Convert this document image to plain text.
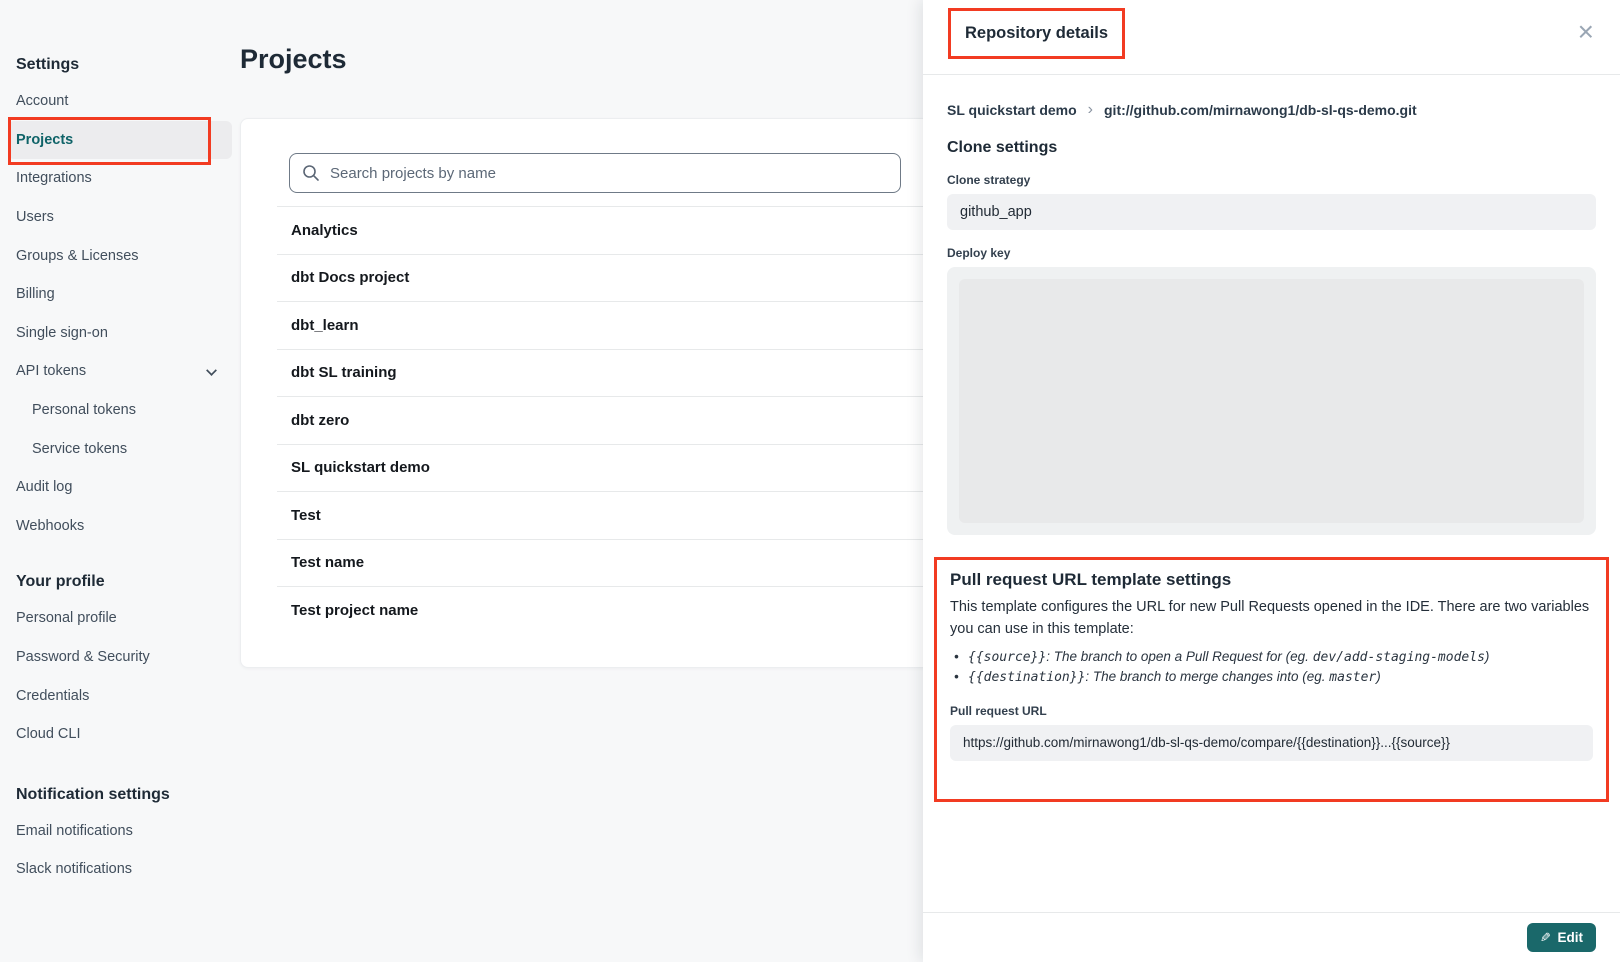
Settings
Account
Projects
Integrations
Users
Groups & Licenses
Billing
Single sign-on
API tokens
Personal tokens
Service tokens
Audit log
Webhooks
Your profile
Personal profile
Password & Security
Credentials
Cloud CLI
Notification settings
Email notifications
Slack notifications
Projects
Search projects by name
Analytics
dbt Docs project
dbt_learn
dbt SL training
dbt zero
SL quickstart demo
Test
Test name
Test project name
Repository details	×
SL quickstart demo › git://github.com/mirnawong1/db-sl-qs-demo.git
Clone settings
Clone strategy
github_app
Deploy key
Pull request URL template settings

This template configures the URL for new Pull Requests opened in the IDE. There are two variables you can use in this template:

• {{source}}: The branch to open a Pull Request for (eg. dev/add-staging-models)
• {{destination}}: The branch to merge changes into (eg. master)
Pull request URL
https://github.com/mirnawong1/db-sl-qs-demo/compare/{{destination}}...{{source}}
✎ Edit
